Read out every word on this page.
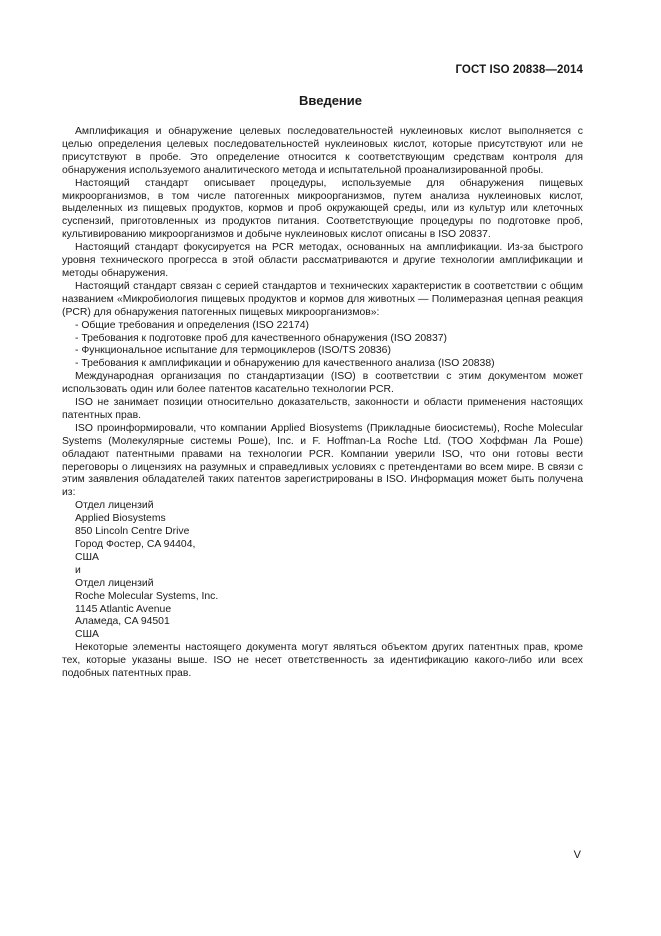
ГОСТ ISO 20838—2014
Введение

Амплификация и обнаружение целевых последовательностей нуклеиновых кислот выполняется с целью определения целевых последовательностей нуклеиновых кислот, которые присутствуют или не присутствуют в пробе. Это определение относится к соответствующим средствам контроля для обнаружения используемого аналитического метода и испытательной проанализированной пробы.

Настоящий стандарт описывает процедуры, используемые для обнаружения пищевых микроорганизмов, в том числе патогенных микроорганизмов, путем анализа нуклеиновых кислот, выделенных из пищевых продуктов, кормов и проб окружающей среды, или из культур или клеточных суспензий, приготовленных из продуктов питания. Соответствующие процедуры по подготовке проб, культивированию микроорганизмов и добыче нуклеиновых кислот описаны в ISO 20837.

Настоящий стандарт фокусируется на PCR методах, основанных на амплификации. Из-за быстрого уровня технического прогресса в этой области рассматриваются и другие технологии амплификации и методы обнаружения.

Настоящий стандарт связан с серией стандартов и технических характеристик в соответствии с общим названием «Микробиология пищевых продуктов и кормов для животных — Полимеразная цепная реакция (PCR) для обнаружения патогенных пищевых микроорганизмов»:

- Общие требования и определения (ISO 22174)
- Требования к подготовке проб для качественного обнаружения (ISO 20837)
- Функциональное испытание для термоциклеров (ISO/TS 20836)
- Требования к амплификации и обнаружению для качественного анализа (ISO 20838)

Международная организация по стандартизации (ISO) в соответствии с этим документом может использовать один или более патентов касательно технологии PCR.

ISO не занимает позиции относительно доказательств, законности и области применения настоящих патентных прав.

ISO проинформировали, что компании Applied Biosystems (Прикладные биосистемы), Roche Molecular Systems (Молекулярные системы Роше), Inc. и F. Hoffman-La Roche Ltd. (ТОО Хоффман Ла Роше) обладают патентными правами на технологии PCR. Компании уверили ISO, что они готовы вести переговоры о лицензиях на разумных и справедливых условиях с претендентами во всем мире. В связи с этим заявления обладателей таких патентов зарегистрированы в ISO. Информация может быть получена из:

Отдел лицензий
Applied Biosystems
850 Lincoln Centre Drive
Город Фостер, CA 94404,
США
и
Отдел лицензий
Roche Molecular Systems, Inc.
1145 Atlantic Avenue
Аламеда, CA 94501
США

Некоторые элементы настоящего документа могут являться объектом других патентных прав, кроме тех, которые указаны выше. ISO не несет ответственность за идентификацию какого-либо или всех подобных патентных прав.

V
